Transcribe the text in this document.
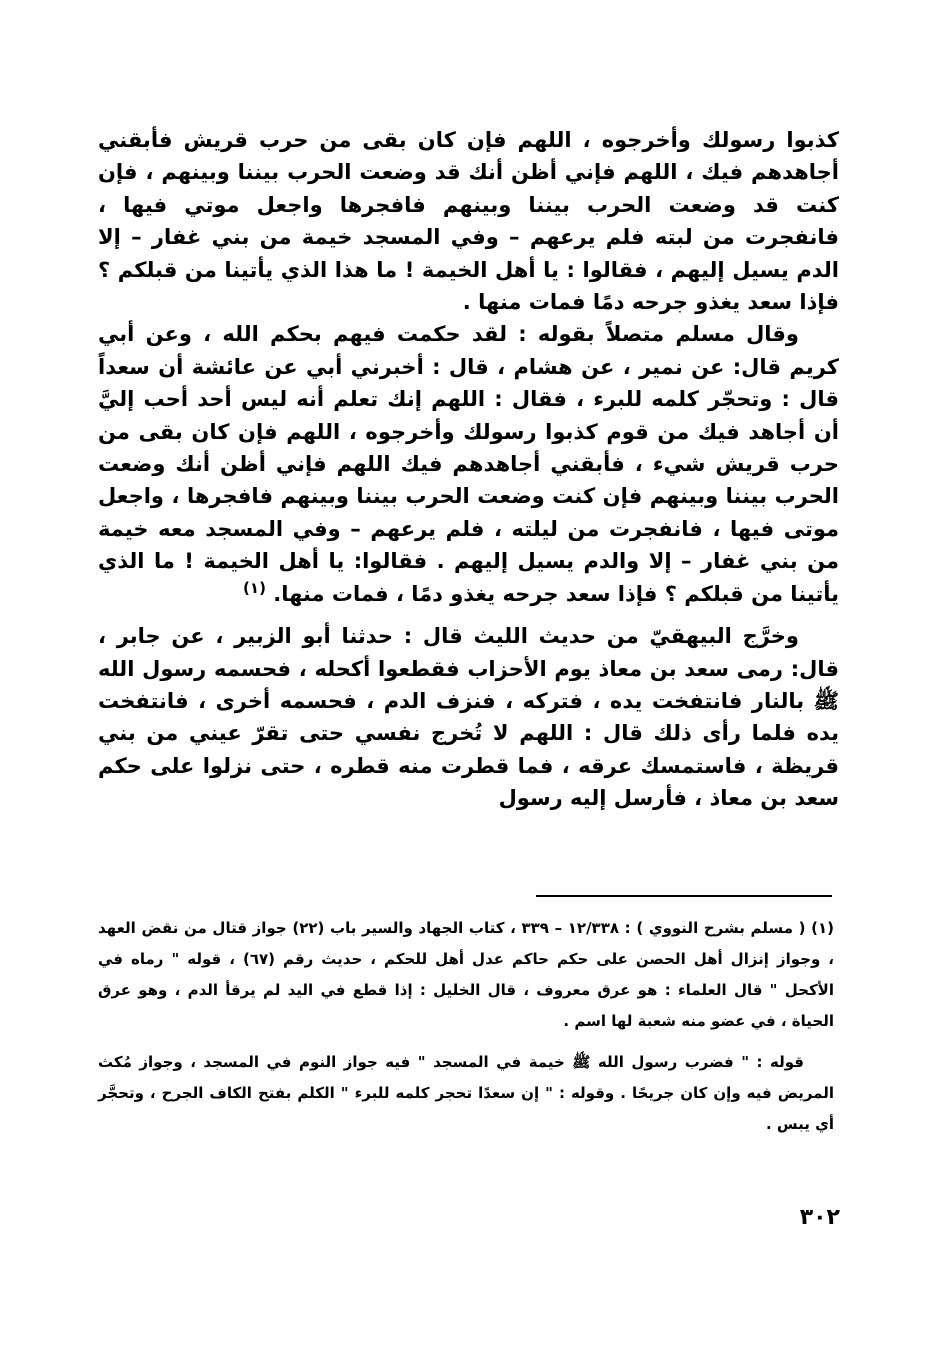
كذبوا رسولك وأخرجوه ، اللهم فإن كان بقى من حرب قريش فأبقني أجاهدهم فيك ، اللهم فإني أظن أنك قد وضعت الحرب بيننا وبينهم ، فإن كنت قد وضعت الحرب بيننا وبينهم فافجرها واجعل موتي فيها ، فانفجرت من لبته فلم يرعهم – وفي المسجد خيمة من بني غفار – إلا الدم يسيل إليهم ، فقالوا : يا أهل الخيمة ! ما هذا الذي يأتينا من قبلكم ؟ فإذا سعد يغذو جرحه دمًا فمات منها .

وقال مسلم متصلاً بقوله : لقد حكمت فيهم بحكم الله ، وعن أبي كريم قال: عن نمير ، عن هشام ، قال : أخبرني أبي عن عائشة أن سعداً قال : وتحجّر كلمه للبرء ، فقال : اللهم إنك تعلم أنه ليس أحد أحب إليَّ أن أجاهد فيك من قوم كذبوا رسولك وأخرجوه ، اللهم فإن كان بقى من حرب قريش شيء ، فأبقني أجاهدهم فيك اللهم فإني أظن أنك وضعت الحرب بيننا وبينهم فإن كنت وضعت الحرب بيننا وبينهم فافجرها ، واجعل موتى فيها ، فانفجرت من ليلته ، فلم يرعهم – وفي المسجد معه خيمة من بني غفار – إلا والدم يسيل إليهم . فقالوا: يا أهل الخيمة ! ما الذي يأتينا من قبلكم ؟ فإذا سعد جرحه يغذو دمًا ، فمات منها. $^{(١)}$

وخرَّج البيهقيّ من حديث الليث قال : حدثنا أبو الزبير ، عن جابر ، قال: رمى سعد بن معاذ يوم الأحزاب فقطعوا أكحله ، فحسمه رسول الله ﷺ بالنار فانتفخت يده ، فتركه ، فنزف الدم ، فحسمه أخرى ، فانتفخت يده فلما رأى ذلك قال : اللهم لا تُخرج نفسي حتى تقرّ عيني من بني قريظة ، فاستمسك عرقه ، فما قطرت منه قطره ، حتى نزلوا على حكم سعد بن معاذ ، فأرسل إليه رسول

(١) ( مسلم بشرح النووي ) : ١٢/٣٣٨ – ٣٣٩ ، كتاب الجهاد والسير باب (٢٢) جواز قتال من نقض العهد ، وجواز إنزال أهل الحصن على حكم حاكم عدل أهل للحكم ، حديث رقم (٦٧) ، قوله " رماه في الأكحل " قال العلماء : هو عرق معروف ، قال الخليل : إذا قطع في اليد لم يرقأ الدم ، وهو عرق الحياة ، في عضو منه شعبة لها اسم .

قوله : " فضرب رسول الله ﷺ خيمة في المسجد " فيه جواز النوم في المسجد ، وجواز مُكث المريض فيه وإن كان جريحًا . وقوله : " إن سعدًا تحجر كلمه للبرء " الكلم بفتح الكاف الجرح ، وتحجَّر أي يبس .

٣٠٢
